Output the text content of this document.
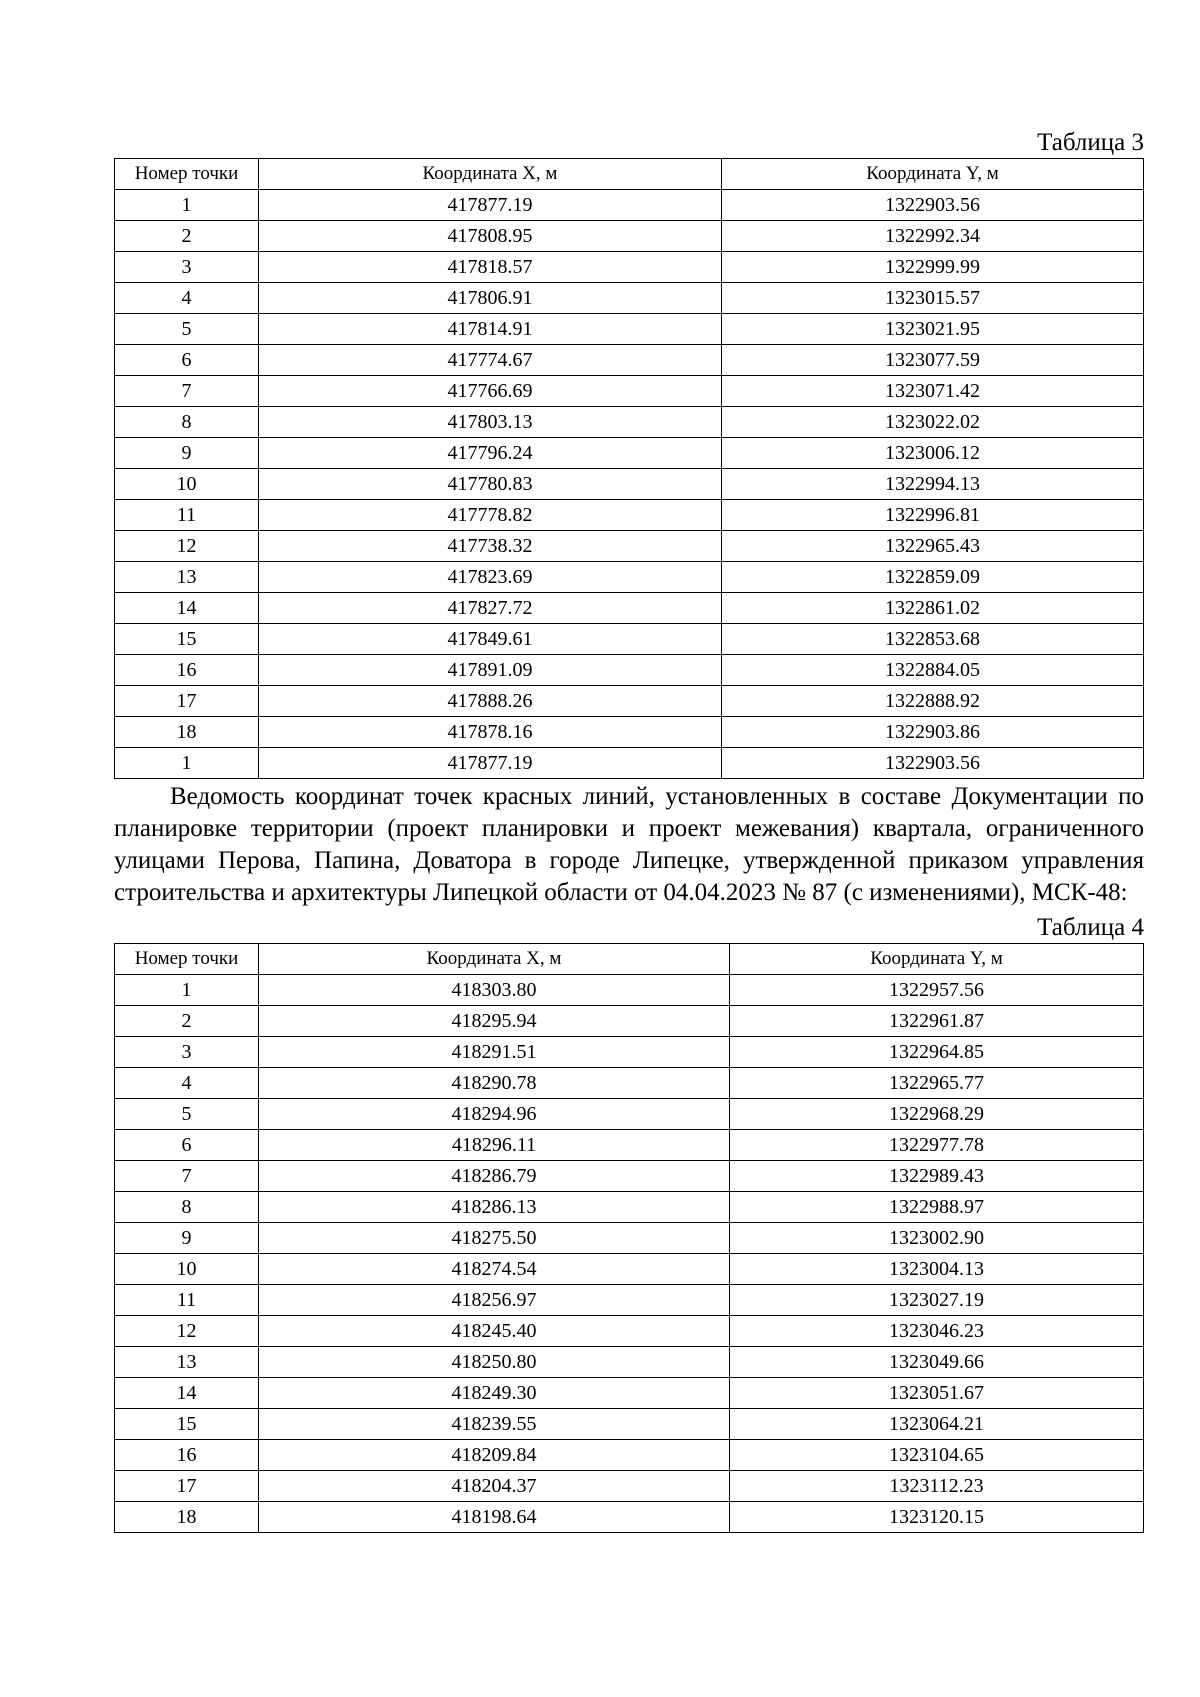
Таблица 3
Номер точки	Координата X, м	Координата Y, м
1	417877.19	1322903.56
2	417808.95	1322992.34
3	417818.57	1322999.99
4	417806.91	1323015.57
5	417814.91	1323021.95
6	417774.67	1323077.59
7	417766.69	1323071.42
8	417803.13	1323022.02
9	417796.24	1323006.12
10	417780.83	1322994.13
11	417778.82	1322996.81
12	417738.32	1322965.43
13	417823.69	1322859.09
14	417827.72	1322861.02
15	417849.61	1322853.68
16	417891.09	1322884.05
17	417888.26	1322888.92
18	417878.16	1322903.86
1	417877.19	1322903.56

Ведомость координат точек красных линий, установленных в составе Документации по планировке территории (проект планировки и проект межевания) квартала, ограниченного улицами Перова, Папина, Доватора в городе Липецке, утвержденной приказом управления строительства и архитектуры Липецкой области от 04.04.2023 № 87 (с изменениями), МСК-48:

Таблица 4
Номер точки	Координата X, м	Координата Y, м
1	418303.80	1322957.56
2	418295.94	1322961.87
3	418291.51	1322964.85
4	418290.78	1322965.77
5	418294.96	1322968.29
6	418296.11	1322977.78
7	418286.79	1322989.43
8	418286.13	1322988.97
9	418275.50	1323002.90
10	418274.54	1323004.13
11	418256.97	1323027.19
12	418245.40	1323046.23
13	418250.80	1323049.66
14	418249.30	1323051.67
15	418239.55	1323064.21
16	418209.84	1323104.65
17	418204.37	1323112.23
18	418198.64	1323120.15
